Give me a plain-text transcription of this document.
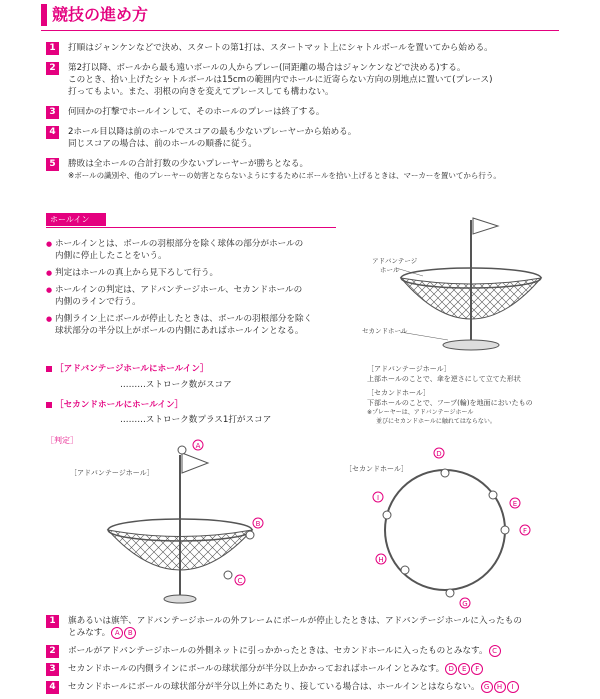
競技の進め方
1	打順はジャンケンなどで決め、スタートの第1打は、スタートマット上にシャトルボールを置いてから始める。
2	第2打以降、ボールから最も遠いボールの人からプレー(同距離の場合はジャンケンなどで決める)する。
このとき、拾い上げたシャトルボールは15cmの範囲内でホールに近寄らない方向の別地点に置いて(プレース)
打ってもよい。また、羽根の向きを変えてプレースしても構わない。
3	何回かの打撃でホールインして、そのホールのプレーは終了する。
4	2ホール目以降は前のホールでスコアの最も少ないプレーヤーから始める。
同じスコアの場合は、前のホールの順番に従う。
5	勝敗は全ホールの合計打数の少ないプレーヤーが勝ちとなる。
※ボールの識別や、他のプレーヤーの妨害とならないようにするためにボールを拾い上げるときは、マーカーを置いてから行う。
ホールイン
● ホールインとは、ボールの羽根部分を除く球体の部分がホールの
内側に停止したことをいう。
● 判定はホールの真上から見下ろして行う。
● ホールインの判定は、アドバンテージホール、セカンドホールの
内側のラインで行う。
● 内側ライン上にボールが停止したときは、ボールの羽根部分を除く
球状部分の半分以上がボールの内側にあればホールインとなる。
［アドバンテージホールにホールイン］
………ストローク数がスコア
［セカンドホールにホールイン］
………ストローク数プラス1打がスコア
アドバンテージ
ホール
セカンドホール
［アドバンテージホール］
上部ホールのことで、傘を逆さにして立てた形状
［セカンドホール］
下部ホールのことで、フープ(輪)を地面においたもの
※プレーヤーは、アドバンテージホール
並びにセカンドホールに触れてはならない。
［判定］
［アドバンテージホール］	［セカンドホール］
A
B
C
D
E
F
G
H
I
1	旗あるいは旗竿、アドバンテージホールの外フレームにボールが停止したときは、アドバンテージホールに入ったもの
とみなす。 A B
2	ボールがアドバンテージホールの外側ネットに引っかかったときは、セカンドホールに入ったものとみなす。 C
3	セカンドホールの内側ラインにボールの球状部分が半分以上かかっておればホールインとみなす。 D E F
4	セカンドホールにボールの球状部分が半分以上外にあたり、接している場合は、ホールインとはならない。 G H I
